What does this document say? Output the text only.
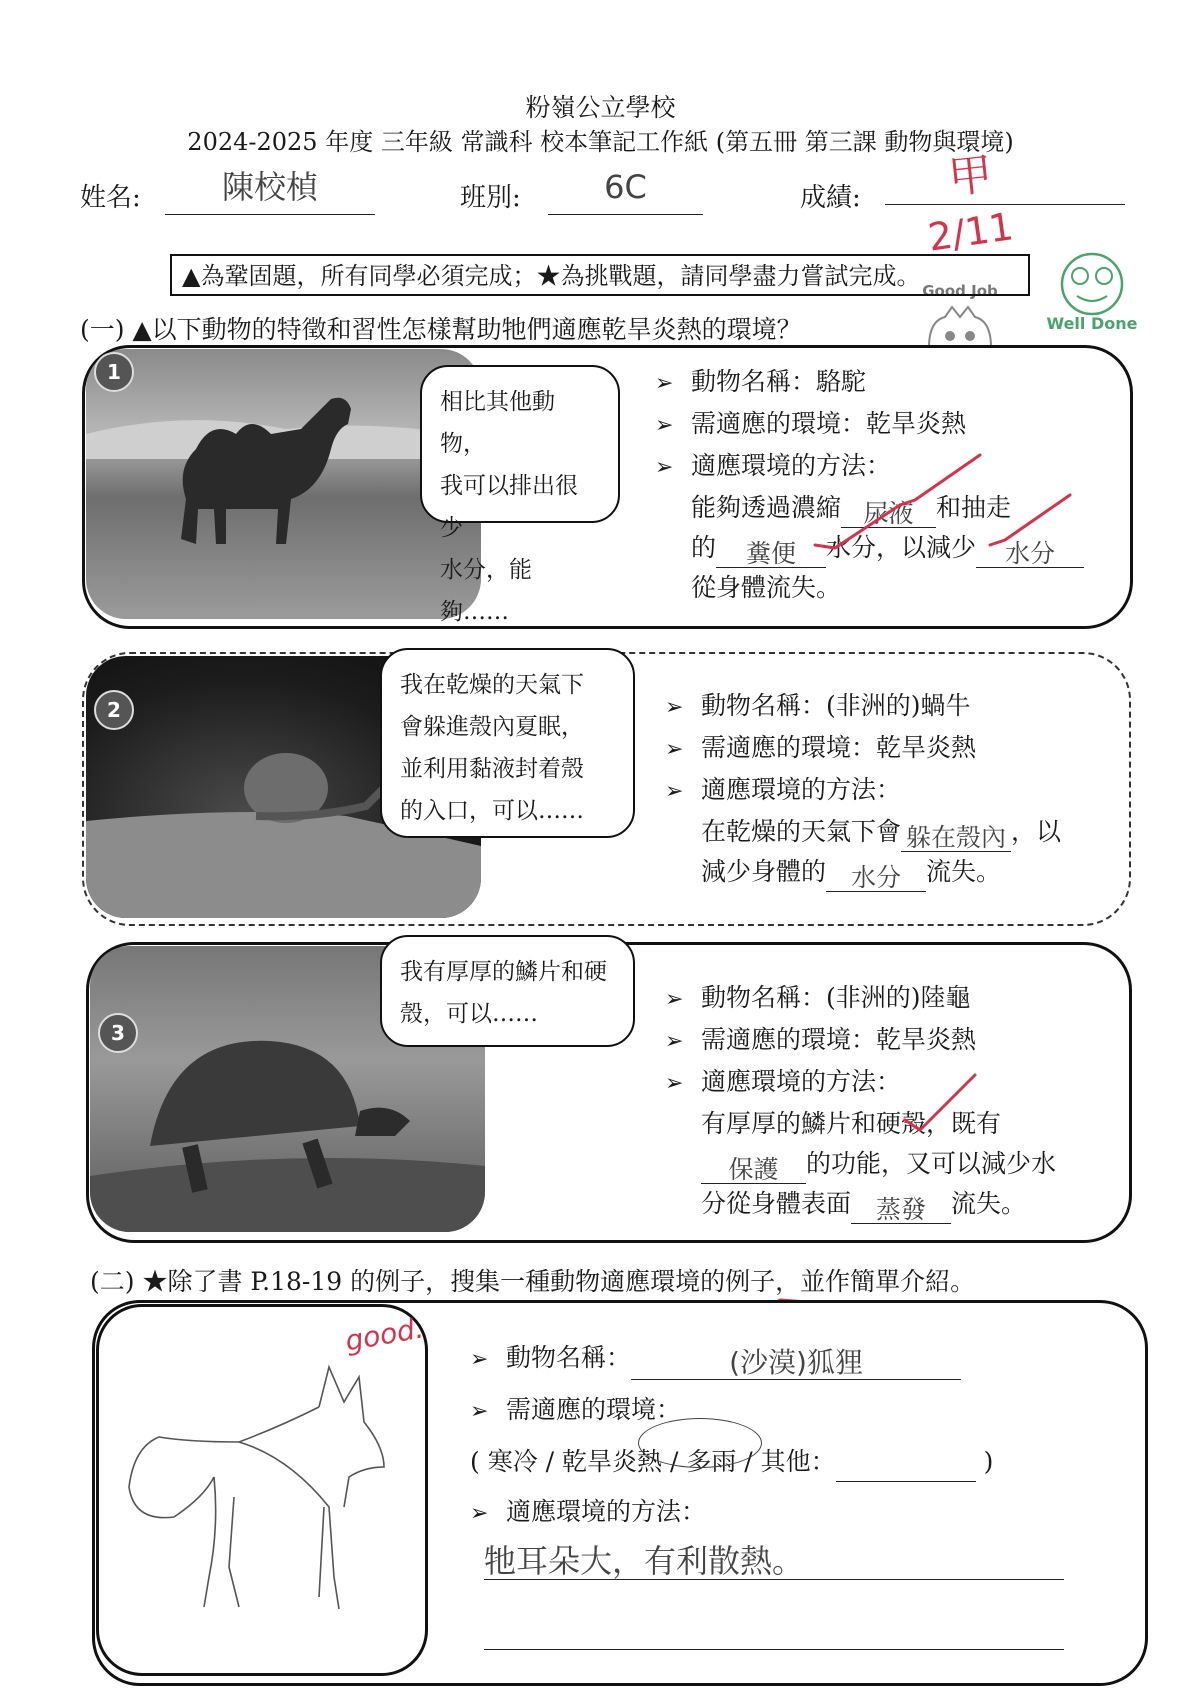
粉嶺公立學校
2024-2025 年度 三年級 常識科 校本筆記工作紙 (第五冊 第三課 動物與環境)
姓名:	陳校楨	班別:	6C	成績: 甲
2/11
Well Done
Good Job
▲為鞏固題，所有同學必須完成；★為挑戰題，請同學盡力嘗試完成。
(一) ▲以下動物的特徵和習性怎樣幫助牠們適應乾旱炎熱的環境？
1
相比其他動物，
我可以排出很少
水分，能夠……
➢ 動物名稱：駱駝
➢ 需適應的環境：乾旱炎熱
➢ 適應環境的方法：
能夠透過濃縮 尿液 和抽走
的 糞便 水分，以減少 水分
從身體流失。
2
我在乾燥的天氣下
會躲進殼內夏眠，
並利用黏液封着殼
的入口，可以……
➢ 動物名稱：(非洲的)蝸牛
➢ 需適應的環境：乾旱炎熱
➢ 適應環境的方法：
在乾燥的天氣下會 躲在殼內 ，以
減少身體的 水分 流失。
3
我有厚厚的鱗片和硬
殼，可以……
➢ 動物名稱：(非洲的)陸龜
➢ 需適應的環境：乾旱炎熱
➢ 適應環境的方法：
有厚厚的鱗片和硬殼，既有
保護 的功能，又可以減少水
分從身體表面 蒸發 流失。
(二) ★除了書 P.18-19 的例子，搜集一種動物適應環境的例子，並作簡單介紹。
good.
➢ 動物名稱：	(沙漠)狐狸
➢ 需適應的環境：
( 寒冷 / 乾旱炎熱 / 多雨 / 其他：	)
➢ 適應環境的方法：
牠耳朵大，有利散熱。
